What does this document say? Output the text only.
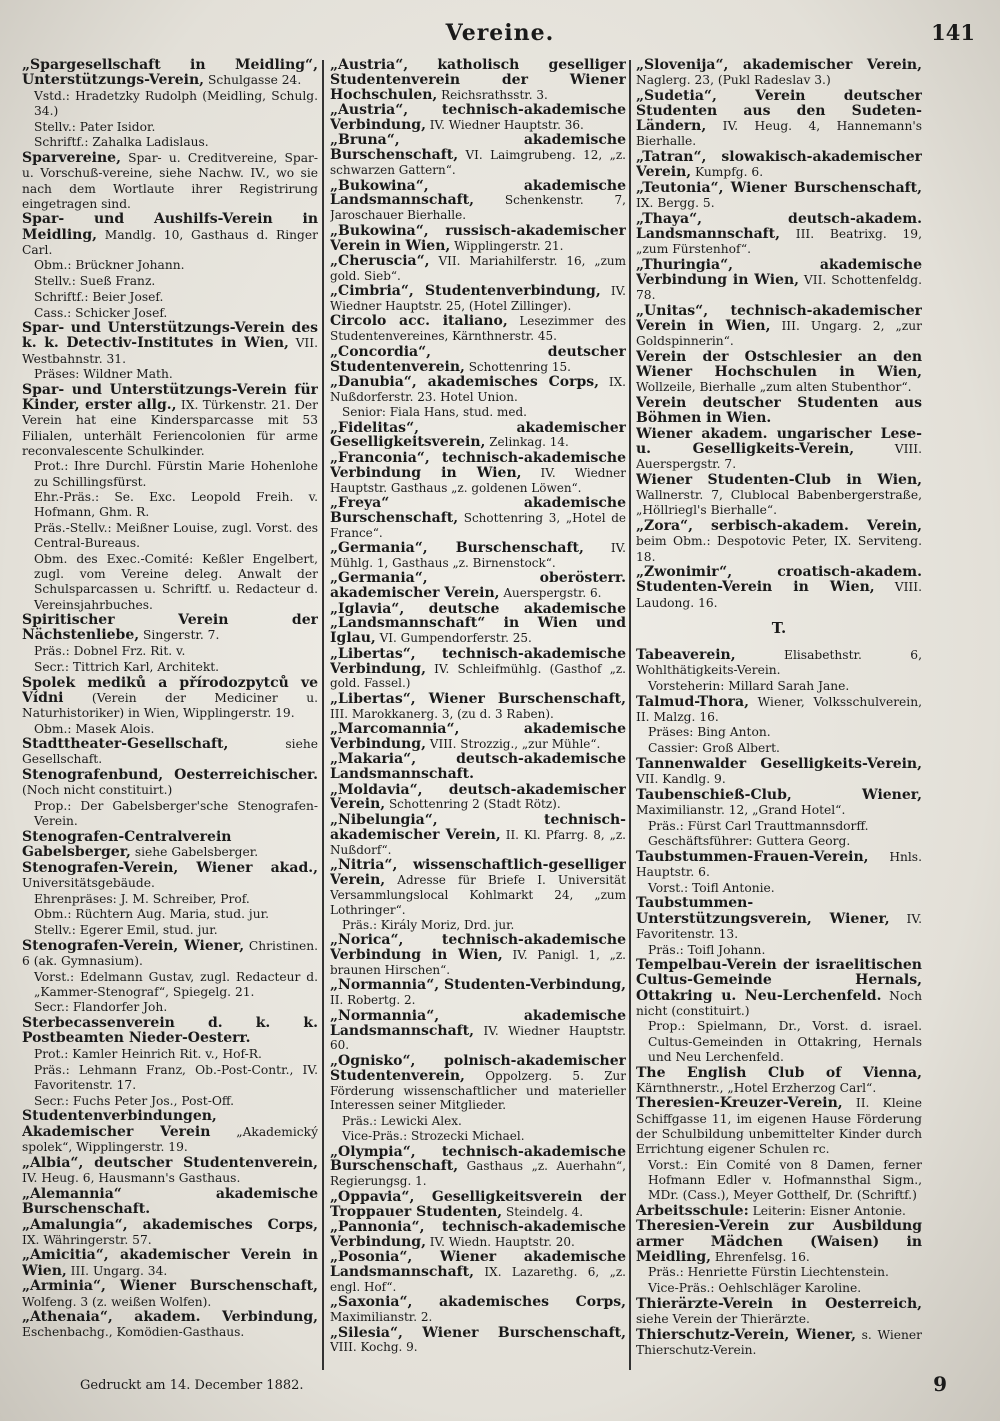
Vereine.	141
„Spargesellschaft in Meidling“, Unterstützungs-Verein, Schulgasse 24.
Vstd.: Hradetzky Rudolph (Meidling, Schulg. 34.)
Stellv.: Pater Isidor.
Schriftf.: Zahalka Ladislaus.
Sparvereine, Spar- u. Creditvereine, Spar- u. Vorschuß-vereine, siehe Nachw. IV., wo sie nach dem Wortlaute ihrer Registrirung eingetragen sind.
Spar- und Aushilfs-Verein in Meidling, Mandlg. 10, Gasthaus d. Ringer Carl.
Obm.: Brückner Johann.
Stellv.: Sueß Franz.
Schriftf.: Beier Josef.
Cass.: Schicker Josef.
Spar- und Unterstützungs-Verein des k. k. Detectiv-Institutes in Wien, VII. Westbahnstr. 31.
Präses: Wildner Math.
Spar- und Unterstützungs-Verein für Kinder, erster allg., IX. Türkenstr. 21. Der Verein hat eine Kindersparcasse mit 53 Filialen, unterhält Feriencolonien für arme reconvalescente Schulkinder.
Prot.: Ihre Durchl. Fürstin Marie Hohenlohe zu Schillingsfürst.
Ehr.-Präs.: Se. Exc. Leopold Freih. v. Hofmann, Ghm. R.
Präs.-Stellv.: Meißner Louise, zugl. Vorst. des Central-Bureaus.
Obm. des Exec.-Comité: Keßler Engelbert, zugl. vom Vereine deleg. Anwalt der Schulsparcassen u. Schriftf. u. Redacteur d. Vereinsjahrbuches.
Spiritischer Verein der Nächstenliebe, Singerstr. 7.
Präs.: Dobnel Frz. Rit. v.
Secr.: Tittrich Karl, Architekt.
Spolek mediků a přírodozpytců ve Vídni (Verein der Mediciner u. Naturhistoriker) in Wien, Wipplingerstr. 19.
Obm.: Masek Alois.
Stadttheater-Gesellschaft, siehe Gesellschaft.
Stenografenbund, Oesterreichischer. (Noch nicht constituirt.)
Prop.: Der Gabelsberger'sche Stenografen-Verein.
Stenografen-Centralverein Gabelsberger, siehe Gabelsberger.
Stenografen-Verein, Wiener akad., Universitätsgebäude.
Ehrenpräses: J. M. Schreiber, Prof.
Obm.: Rüchtern Aug. Maria, stud. jur.
Stellv.: Egerer Emil, stud. jur.
Stenografen-Verein, Wiener, Christinen. 6 (ak. Gymnasium).
Vorst.: Edelmann Gustav, zugl. Redacteur d. „Kammer-Stenograf“, Spiegelg. 21.
Secr.: Flandorfer Joh.
Sterbecassenverein d. k. k. Postbeamten Nieder-Oesterr.
Prot.: Kamler Heinrich Rit. v., Hof-R.
Präs.: Lehmann Franz, Ob.-Post-Contr., IV. Favoritenstr. 17.
Secr.: Fuchs Peter Jos., Post-Off.
Studentenverbindungen,
Akademischer Verein „Akademický spolek“, Wipplingerstr. 19.
„Albia“, deutscher Studentenverein, IV. Heug. 6, Hausmann's Gasthaus.
„Alemannia“ akademische Burschenschaft.
„Amalungia“, akademisches Corps, IX. Währingerstr. 57.
„Amicitia“, akademischer Verein in Wien, III. Ungarg. 34.
„Arminia“, Wiener Burschenschaft, Wolfeng. 3 (z. weißen Wolfen).
„Athenaia“, akadem. Verbindung, Eschenbachg., Komödien-Gasthaus.
„Austria“, katholisch geselliger Studentenverein der Wiener Hochschulen, Reichsrathsstr. 3.
„Austria“, technisch-akademische Verbindung, IV. Wiedner Hauptstr. 36.
„Bruna“, akademische Burschenschaft, VI. Laimgrubeng. 12, „z. schwarzen Gattern“.
„Bukowina“, akademische Landsmannschaft, Schenkenstr. 7, Jaroschauer Bierhalle.
„Bukowina“, russisch-akademischer Verein in Wien, Wipplingerstr. 21.
„Cheruscia“, VII. Mariahilferstr. 16, „zum gold. Sieb“.
„Cimbria“, Studentenverbindung, IV. Wiedner Hauptstr. 25, (Hotel Zillinger).
Circolo acc. italiano, Lesezimmer des Studentenvereines, Kärnthnerstr. 45.
„Concordia“, deutscher Studentenverein, Schottenring 15.
„Danubia“, akademisches Corps, IX. Nußdorferstr. 23. Hotel Union.
Senior: Fiala Hans, stud. med.
„Fidelitas“, akademischer Geselligkeitsverein, Zelinkag. 14.
„Franconia“, technisch-akademische Verbindung in Wien, IV. Wiedner Hauptstr. Gasthaus „z. goldenen Löwen“.
„Freya“ akademische Burschenschaft, Schottenring 3, „Hotel de France“.
„Germania“, Burschenschaft, IV. Mühlg. 1, Gasthaus „z. Birnenstock“.
„Germania“, oberösterr. akademischer Verein, Auerspergstr. 6.
„Iglavia“, deutsche akademische „Landsmannschaft“ in Wien und Iglau, VI. Gumpendorferstr. 25.
„Libertas“, technisch-akademische Verbindung, IV. Schleifmühlg. (Gasthof „z. gold. Fassel.)
„Libertas“, Wiener Burschenschaft, III. Marokkanerg. 3, (zu d. 3 Raben).
„Marcomannia“, akademische Verbindung, VIII. Strozzig., „zur Mühle“.
„Makaria“, deutsch-akademische Landsmannschaft.
„Moldavia“, deutsch-akademischer Verein, Schottenring 2 (Stadt Rötz).
„Nibelungia“, technisch-akademischer Verein, II. Kl. Pfarrg. 8, „z. Nußdorf“.
„Nitria“, wissenschaftlich-geselliger Verein, Adresse für Briefe I. Universität Versammlungslocal Kohlmarkt 24, „zum Lothringer“.
Präs.: Király Moriz, Drd. jur.
„Norica“, technisch-akademische Verbindung in Wien, IV. Panigl. 1, „z. braunen Hirschen“.
„Normannia“, Studenten-Verbindung, II. Robertg. 2.
„Normannia“, akademische Landsmannschaft, IV. Wiedner Hauptstr. 60.
„Ognisko“, polnisch-akademischer Studentenverein, Oppolzerg. 5. Zur Förderung wissenschaftlicher und materieller Interessen seiner Mitglieder.
Präs.: Lewicki Alex.
Vice-Präs.: Strozecki Michael.
„Olympia“, technisch-akademische Burschenschaft, Gasthaus „z. Auerhahn“, Regierungsg. 1.
„Oppavia“, Geselligkeitsverein der Troppauer Studenten, Steindelg. 4.
„Pannonia“, technisch-akademische Verbindung, IV. Wiedn. Hauptstr. 20.
„Posonia“, Wiener akademische Landsmannschaft, IX. Lazarethg. 6, „z. engl. Hof“.
„Saxonia“, akademisches Corps, Maximilianstr. 2.
„Silesia“, Wiener Burschenschaft, VIII. Kochg. 9.
„Slovenija“, akademischer Verein, Naglerg. 23, (Pukl Radeslav 3.)
„Sudetia“, Verein deutscher Studenten aus den Sudeten-Ländern, IV. Heug. 4, Hannemann's Bierhalle.
„Tatran“, slowakisch-akademischer Verein, Kumpfg. 6.
„Teutonia“, Wiener Burschenschaft, IX. Bergg. 5.
„Thaya“, deutsch-akadem. Landsmannschaft, III. Beatrixg. 19, „zum Fürstenhof“.
„Thuringia“, akademische Verbindung in Wien, VII. Schottenfeldg. 78.
„Unitas“, technisch-akademischer Verein in Wien, III. Ungarg. 2, „zur Goldspinnerin“.
Verein der Ostschlesier an den Wiener Hochschulen in Wien, Wollzeile, Bierhalle „zum alten Stubenthor“.
Verein deutscher Studenten aus Böhmen in Wien.
Wiener akadem. ungarischer Lese- u. Geselligkeits-Verein, VIII. Auerspergstr. 7.
Wiener Studenten-Club in Wien, Wallnerstr. 7, Clublocal Babenbergerstraße, „Höllriegl's Bierhalle“.
„Zora“, serbisch-akadem. Verein, beim Obm.: Despotovic Peter, IX. Serviteng. 18.
„Zwonimir“, croatisch-akadem. Studenten-Verein in Wien, VIII. Laudong. 16.
T.
Tabeaverein, Elisabethstr. 6, Wohlthätigkeits-Verein.
Vorsteherin: Millard Sarah Jane.
Talmud-Thora, Wiener, Volksschulverein, II. Malzg. 16.
Präses: Bing Anton.
Cassier: Groß Albert.
Tannenwalder Geselligkeits-Verein, VII. Kandlg. 9.
Taubenschieß-Club, Wiener, Maximilianstr. 12, „Grand Hotel“.
Präs.: Fürst Carl Trauttmannsdorff.
Geschäftsführer: Guttera Georg.
Taubstummen-Frauen-Verein, Hnls. Hauptstr. 6.
Vorst.: Toifl Antonie.
Taubstummen-Unterstützungsverein, Wiener, IV. Favoritenstr. 13.
Präs.: Toifl Johann.
Tempelbau-Verein der israelitischen Cultus-Gemeinde Hernals, Ottakring u. Neu-Lerchenfeld. Noch nicht (constituirt.)
Prop.: Spielmann, Dr., Vorst. d. israel. Cultus-Gemeinden in Ottakring, Hernals und Neu Lerchenfeld.
The English Club of Vienna, Kärnthnerstr., „Hotel Erzherzog Carl“.
Theresien-Kreuzer-Verein, II. Kleine Schiffgasse 11, im eigenen Hause Förderung der Schulbildung unbemittelter Kinder durch Errichtung eigener Schulen rc.
Vorst.: Ein Comité von 8 Damen, ferner Hofmann Edler v. Hofmannsthal Sigm., MDr. (Cass.), Meyer Gotthelf, Dr. (Schriftf.)
Arbeitsschule: Leiterin: Eisner Antonie.
Theresien-Verein zur Ausbildung armer Mädchen (Waisen) in Meidling, Ehrenfelsg. 16.
Präs.: Henriette Fürstin Liechtenstein.
Vice-Präs.: Oehlschläger Karoline.
Thierärzte-Verein in Oesterreich, siehe Verein der Thierärzte.
Thierschutz-Verein, Wiener, s. Wiener Thierschutz-Verein.
Gedruckt am 14. December 1882.	9
